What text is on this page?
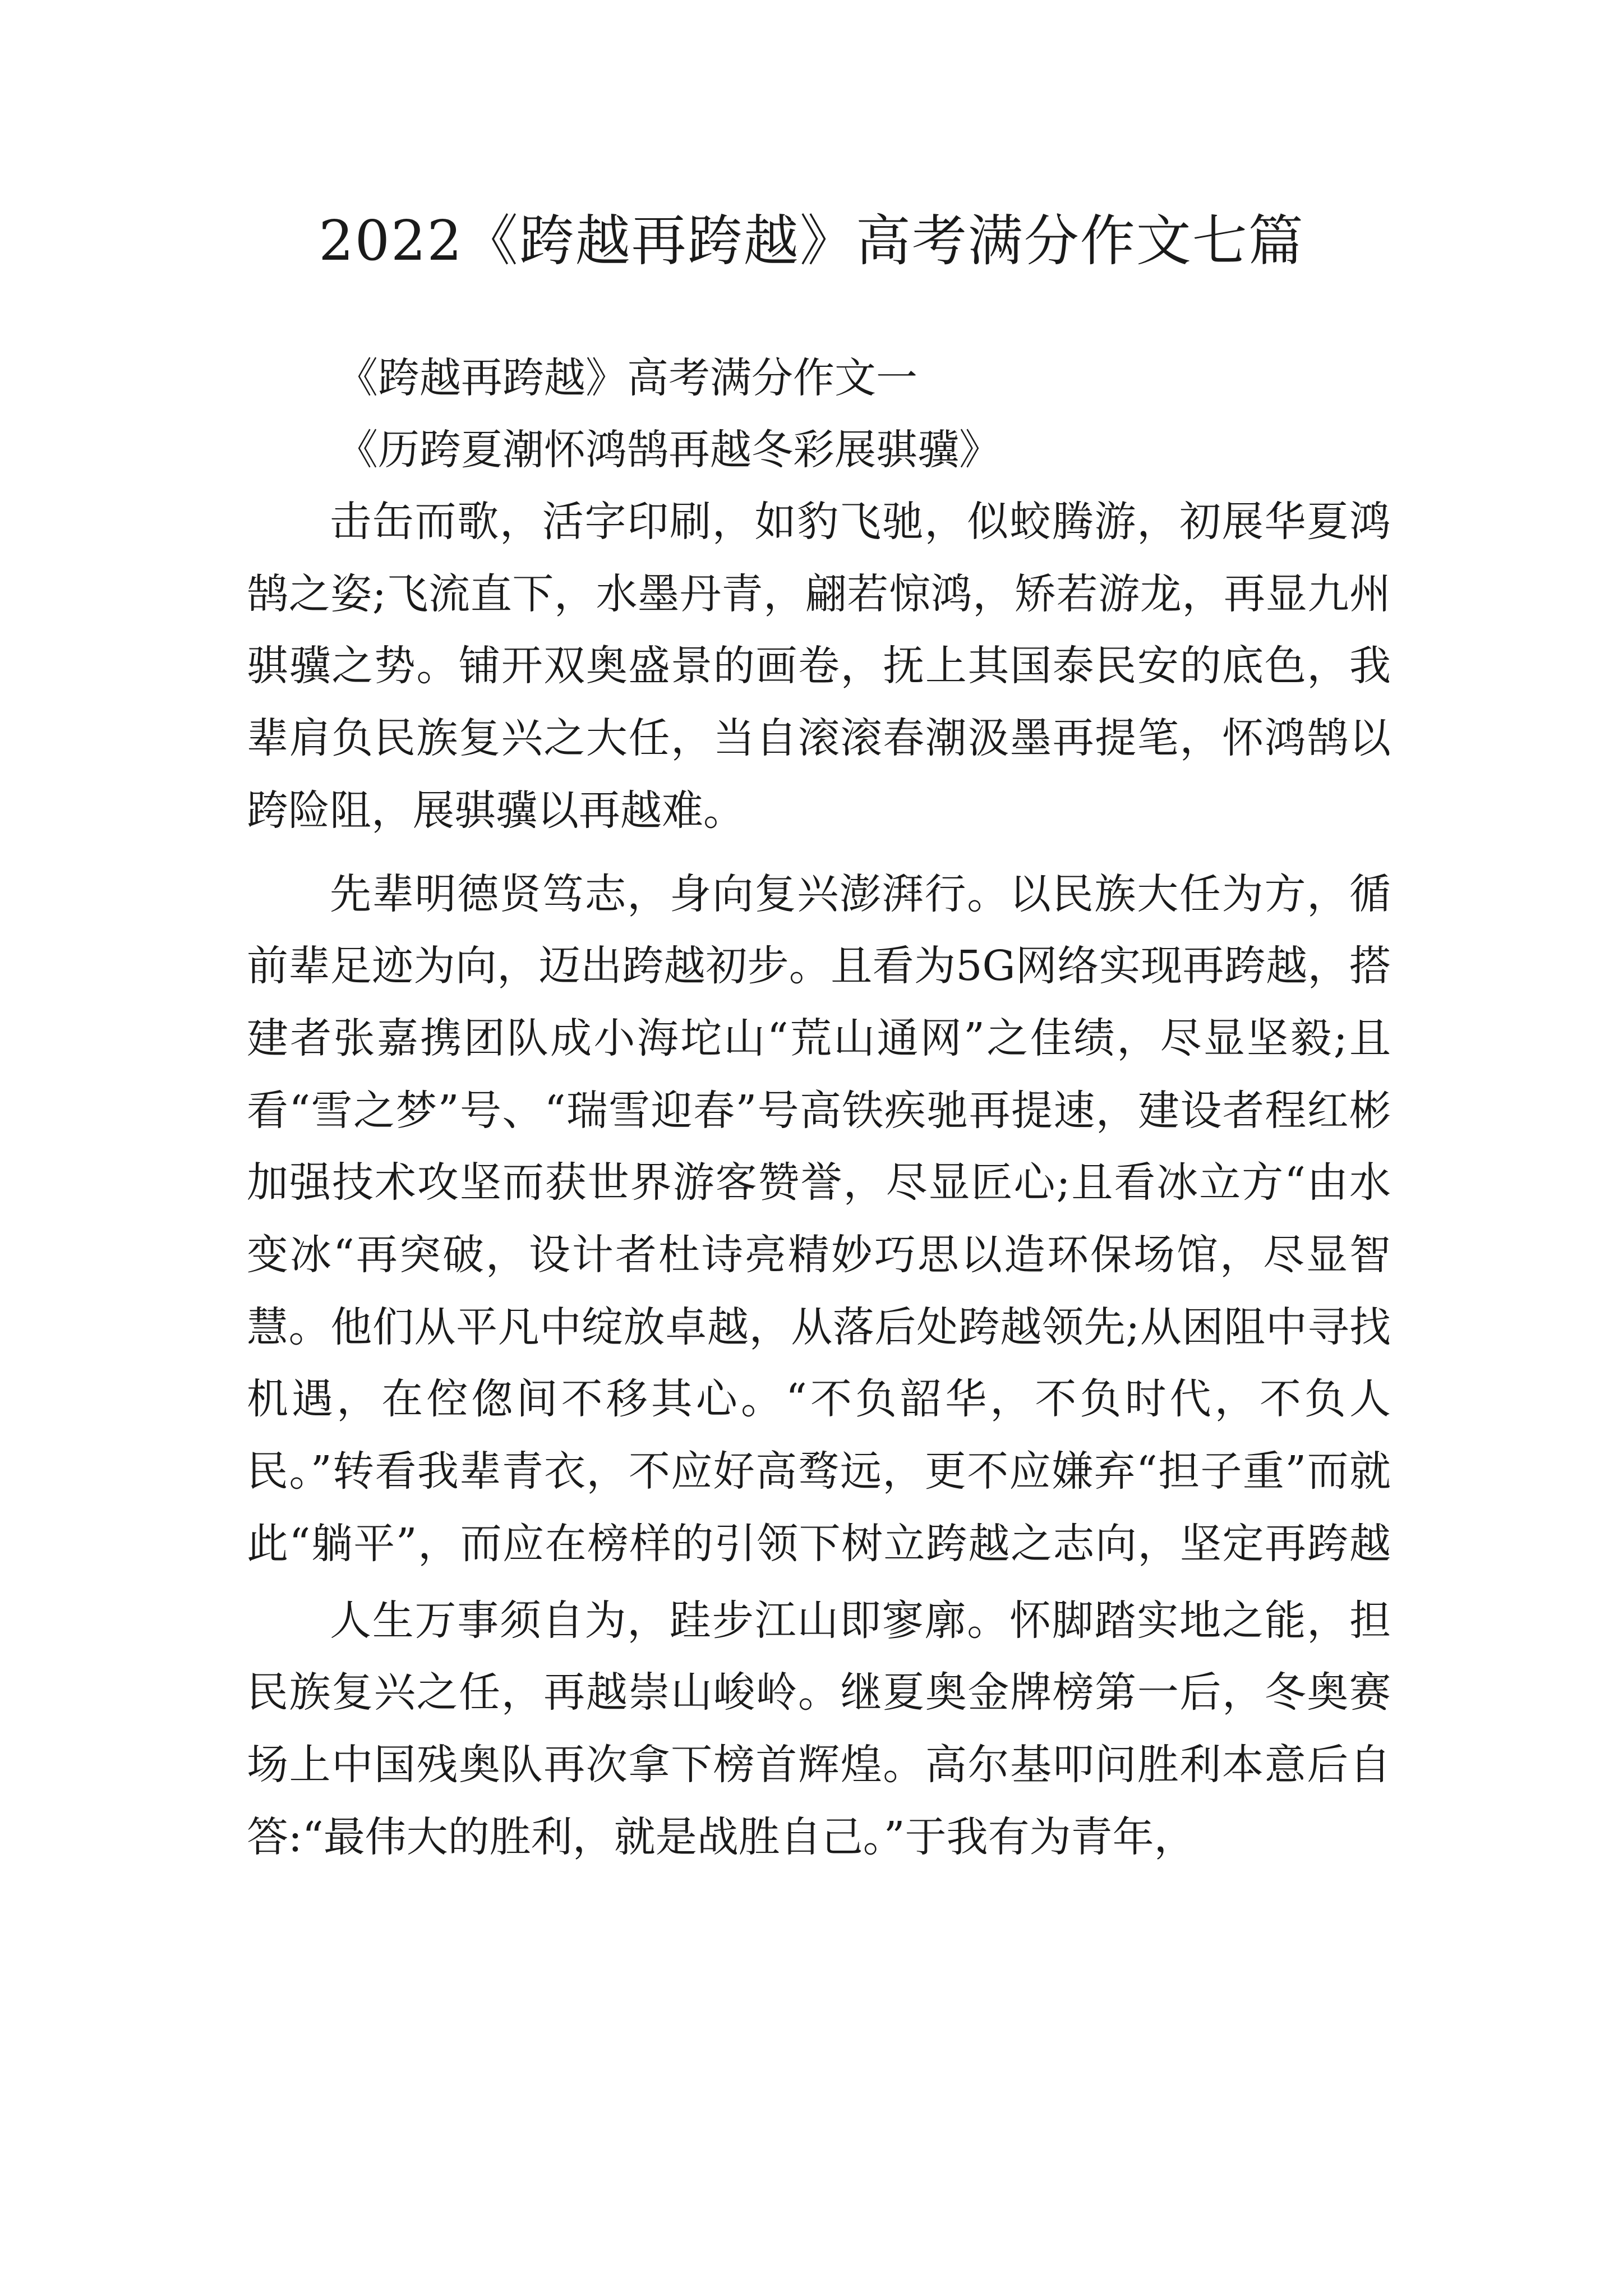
2022《跨越再跨越》高考满分作文七篇

《跨越再跨越》高考满分作文一

《历跨夏潮怀鸿鹄再越冬彩展骐骥》

击缶而歌，活字印刷，如豹飞驰，似蛟腾游，初展华夏鸿鹄之姿;飞流直下，水墨丹青，翩若惊鸿，矫若游龙，再显九州骐骥之势。铺开双奥盛景的画卷，抚上其国泰民安的底色，我辈肩负民族复兴之大任，当自滚滚春潮汲墨再提笔，怀鸿鹄以跨险阻，展骐骥以再越难。

先辈明德贤笃志，身向复兴澎湃行。以民族大任为方，循前辈足迹为向，迈出跨越初步。且看为5G网络实现再跨越，搭建者张嘉携团队成小海坨山“荒山通网”之佳绩，尽显坚毅;且看“雪之梦”号、“瑞雪迎春”号高铁疾驰再提速，建设者程红彬加强技术攻坚而获世界游客赞誉，尽显匠心;且看冰立方“由水变冰“再突破，设计者杜诗亮精妙巧思以造环保场馆，尽显智慧。他们从平凡中绽放卓越，从落后处跨越领先;从困阻中寻找机遇，在倥偬间不移其心。“不负韶华，不负时代，不负人民。”转看我辈青衣，不应好高骛远，更不应嫌弃“担子重”而就此“躺平”，而应在榜样的引领下树立跨越之志向，坚定再跨越

人生万事须自为，跬步江山即寥廓。怀脚踏实地之能，担民族复兴之任，再越崇山峻岭。继夏奥金牌榜第一后，冬奥赛场上中国残奥队再次拿下榜首辉煌。高尔基叩问胜利本意后自答:“最伟大的胜利，就是战胜自己。”于我有为青年，
